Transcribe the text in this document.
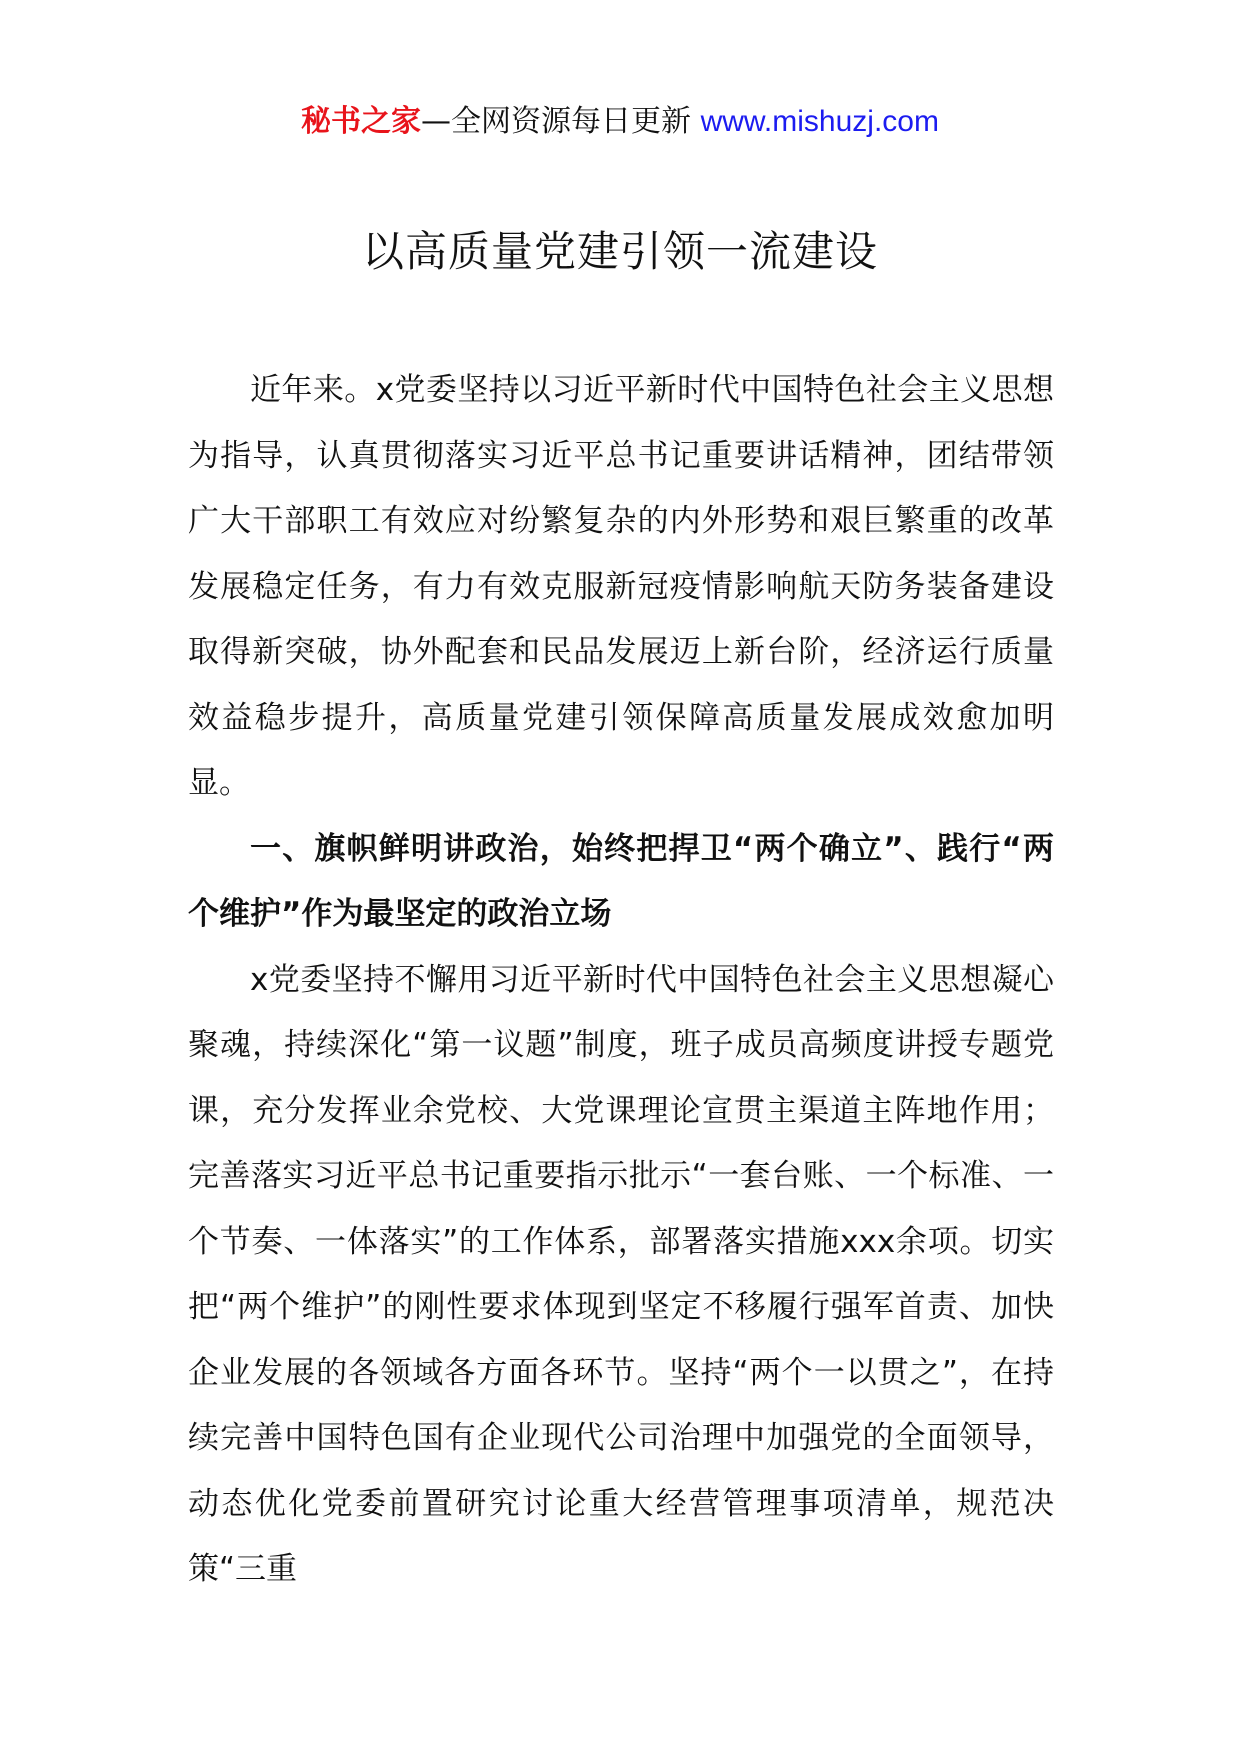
秘书之家—全网资源每日更新 www.mishuzj.com
以高质量党建引领一流建设

近年来。x党委坚持以习近平新时代中国特色社会主义思想为指导，认真贯彻落实习近平总书记重要讲话精神，团结带领广大干部职工有效应对纷繁复杂的内外形势和艰巨繁重的改革发展稳定任务，有力有效克服新冠疫情影响航天防务装备建设取得新突破，协外配套和民品发展迈上新台阶，经济运行质量效益稳步提升，高质量党建引领保障高质量发展成效愈加明显。

一、旗帜鲜明讲政治，始终把捍卫“两个确立”、践行“两个维护”作为最坚定的政治立场

x党委坚持不懈用习近平新时代中国特色社会主义思想凝心聚魂，持续深化“第一议题”制度，班子成员高频度讲授专题党课，充分发挥业余党校、大党课理论宣贯主渠道主阵地作用；完善落实习近平总书记重要指示批示“一套台账、一个标准、一个节奏、一体落实”的工作体系，部署落实措施xxx余项。切实把“两个维护”的刚性要求体现到坚定不移履行强军首责、加快企业发展的各领域各方面各环节。坚持“两个一以贯之”，在持续完善中国特色国有企业现代公司治理中加强党的全面领导，动态优化党委前置研究讨论重大经营管理事项清单，规范决策“三重
